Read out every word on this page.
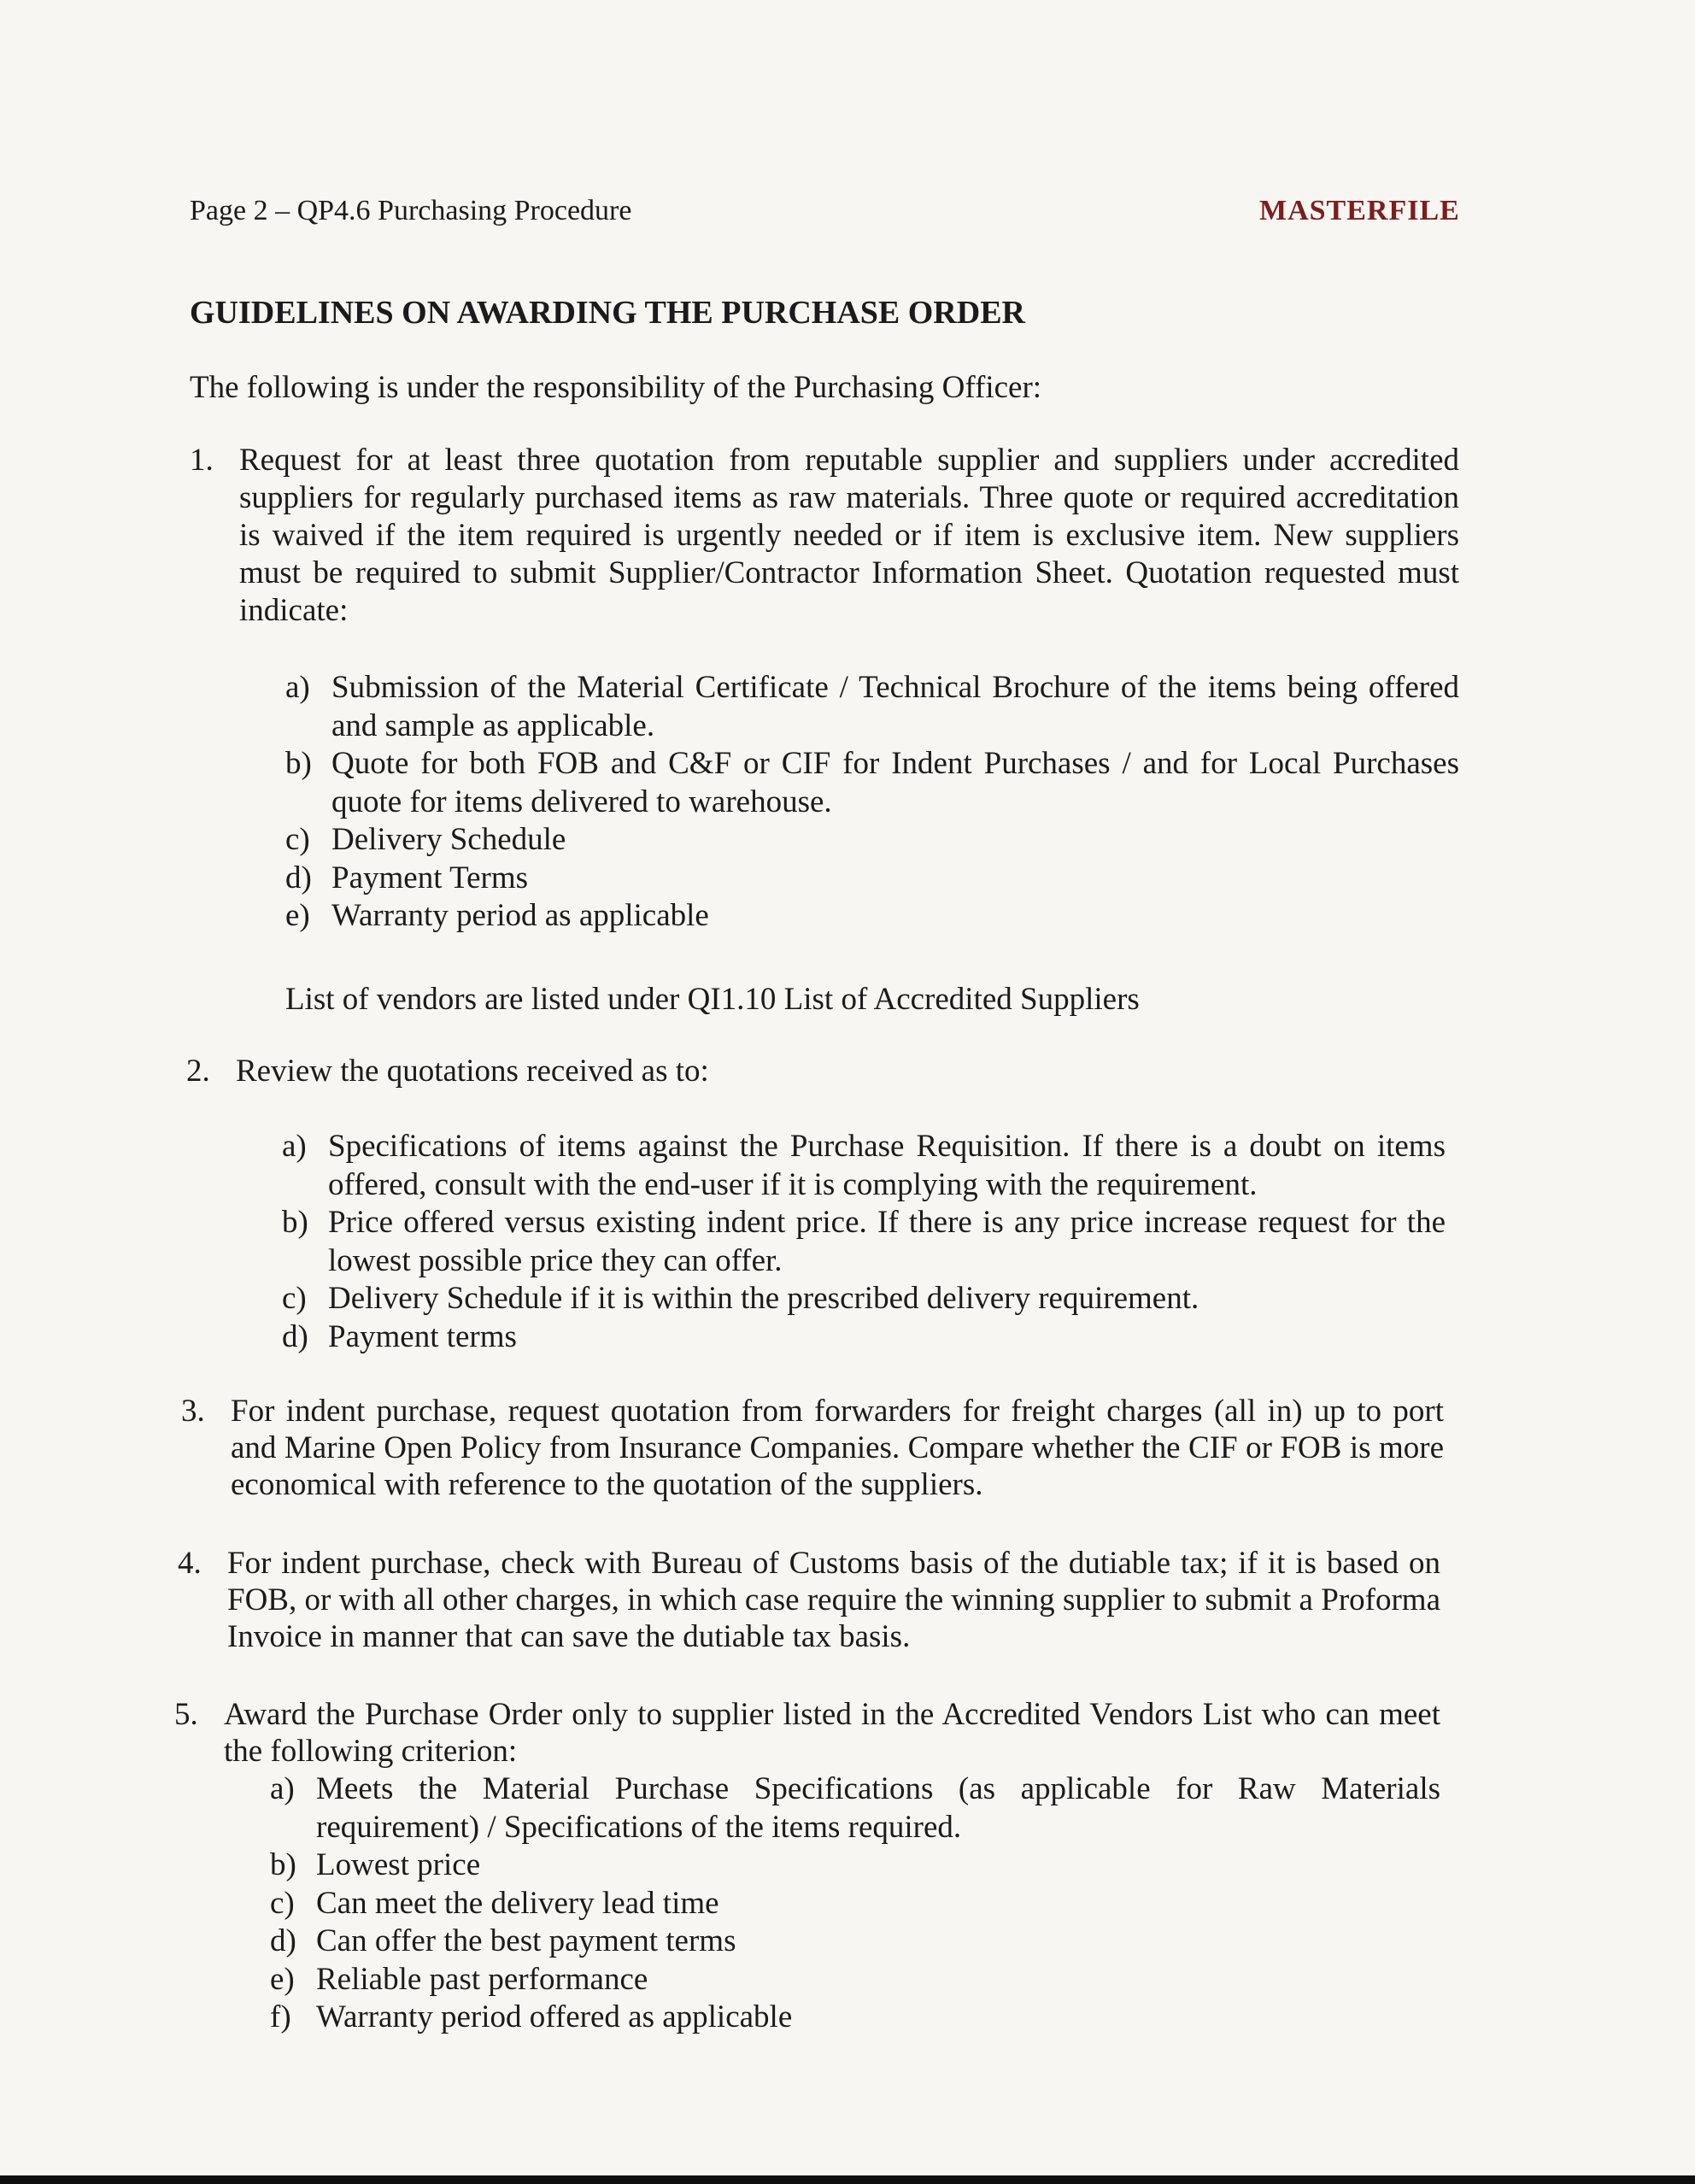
Page 2 – QP4.6 Purchasing Procedure	MASTERFILE
GUIDELINES ON AWARDING THE PURCHASE ORDER
The following is under the responsibility of the Purchasing Officer:
1. Request for at least three quotation from reputable supplier and suppliers under accredited suppliers for regularly purchased items as raw materials. Three quote or required accreditation is waived if the item required is urgently needed or if item is exclusive item. New suppliers must be required to submit Supplier/Contractor Information Sheet. Quotation requested must indicate:
a) Submission of the Material Certificate / Technical Brochure of the items being offered and sample as applicable.
b) Quote for both FOB and C&F or CIF for Indent Purchases / and for Local Purchases quote for items delivered to warehouse.
c) Delivery Schedule
d) Payment Terms
e) Warranty period as applicable
List of vendors are listed under QI1.10 List of Accredited Suppliers
2. Review the quotations received as to:
a) Specifications of items against the Purchase Requisition. If there is a doubt on items offered, consult with the end-user if it is complying with the requirement.
b) Price offered versus existing indent price. If there is any price increase request for the lowest possible price they can offer.
c) Delivery Schedule if it is within the prescribed delivery requirement.
d) Payment terms
3. For indent purchase, request quotation from forwarders for freight charges (all in) up to port and Marine Open Policy from Insurance Companies. Compare whether the CIF or FOB is more economical with reference to the quotation of the suppliers.
4. For indent purchase, check with Bureau of Customs basis of the dutiable tax; if it is based on FOB, or with all other charges, in which case require the winning supplier to submit a Proforma Invoice in manner that can save the dutiable tax basis.
5. Award the Purchase Order only to supplier listed in the Accredited Vendors List who can meet the following criterion:
a) Meets the Material Purchase Specifications (as applicable for Raw Materials requirement) / Specifications of the items required.
b) Lowest price
c) Can meet the delivery lead time
d) Can offer the best payment terms
e) Reliable past performance
f) Warranty period offered as applicable
